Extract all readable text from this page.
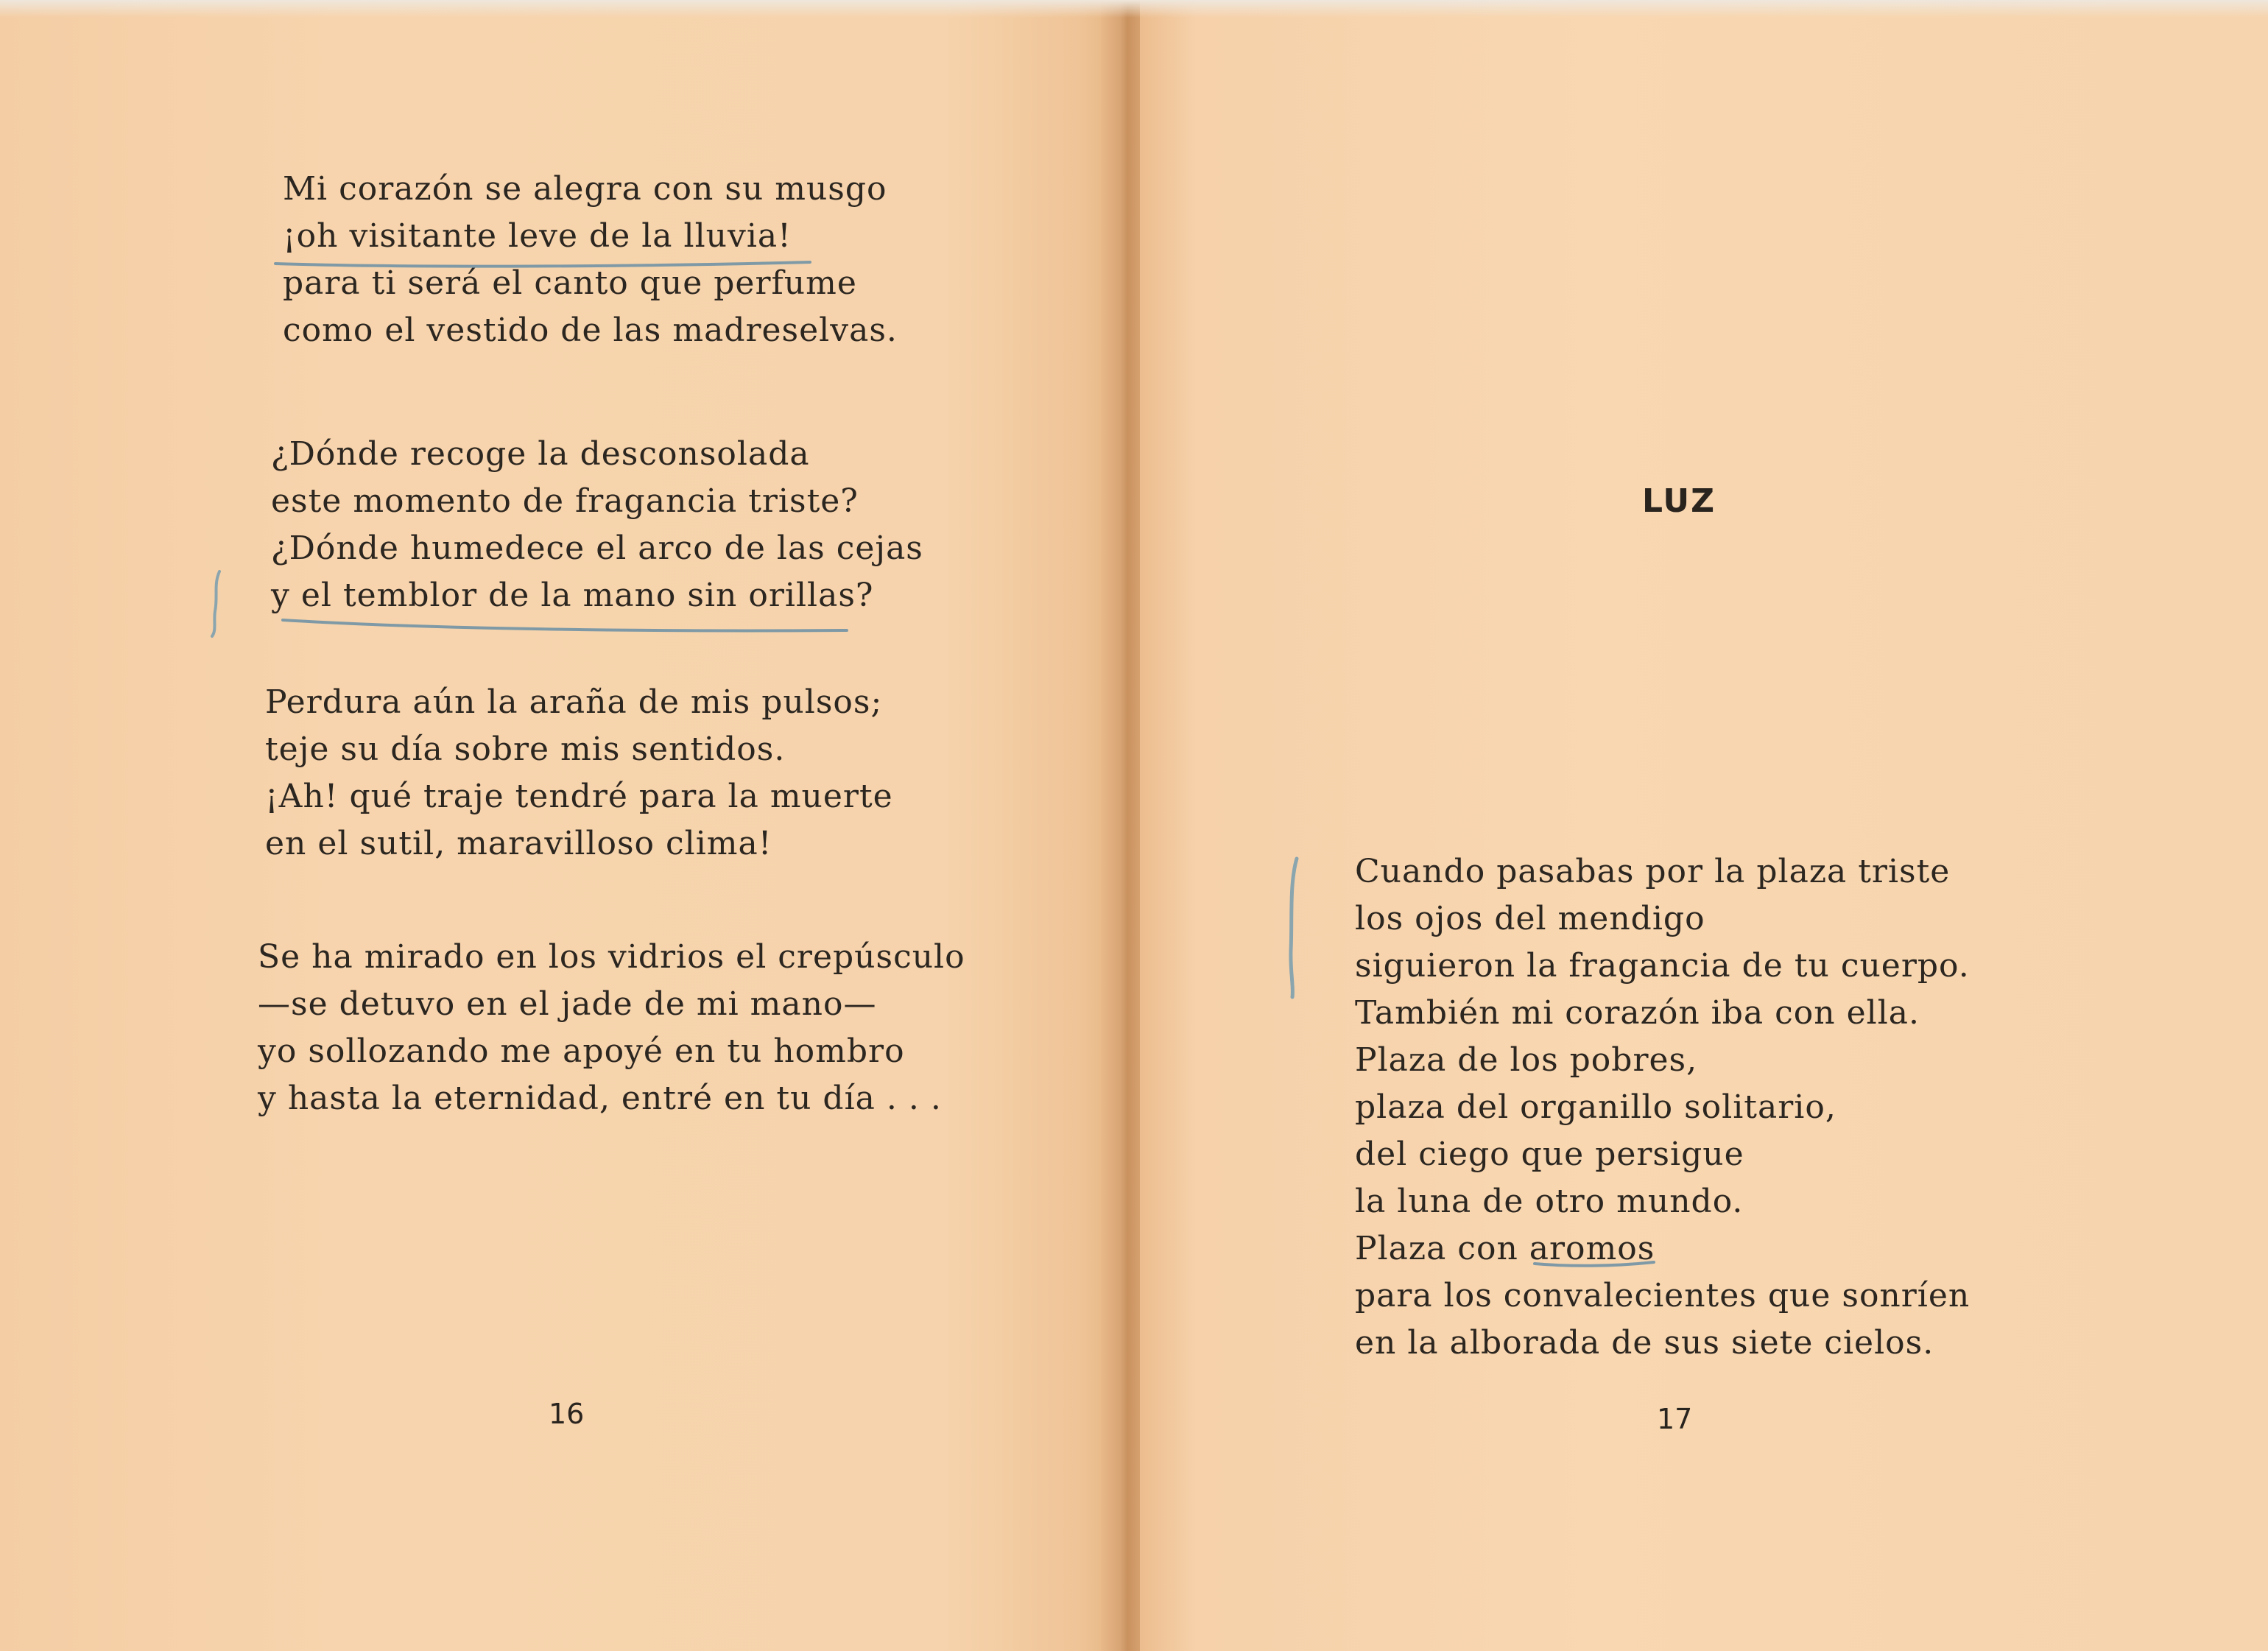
Mi corazón se alegra con su musgo
¡oh visitante leve de la lluvia!
para ti será el canto que perfume
como el vestido de las madreselvas.
¿Dónde recoge la desconsolada
este momento de fragancia triste?
¿Dónde humedece el arco de las cejas
y el temblor de la mano sin orillas?
Perdura aún la araña de mis pulsos;
teje su día sobre mis sentidos.
¡Ah! qué traje tendré para la muerte
en el sutil, maravilloso clima!
Se ha mirado en los vidrios el crepúsculo
—se detuvo en el jade de mi mano—
yo sollozando me apoyé en tu hombro
y hasta la eternidad, entré en tu día . . .
16
LUZ
Cuando pasabas por la plaza triste
los ojos del mendigo
siguieron la fragancia de tu cuerpo.
También mi corazón iba con ella.
Plaza de los pobres,
plaza del organillo solitario,
del ciego que persigue
la luna de otro mundo.
Plaza con aromos
para los convalecientes que sonríen
en la alborada de sus siete cielos.
17
